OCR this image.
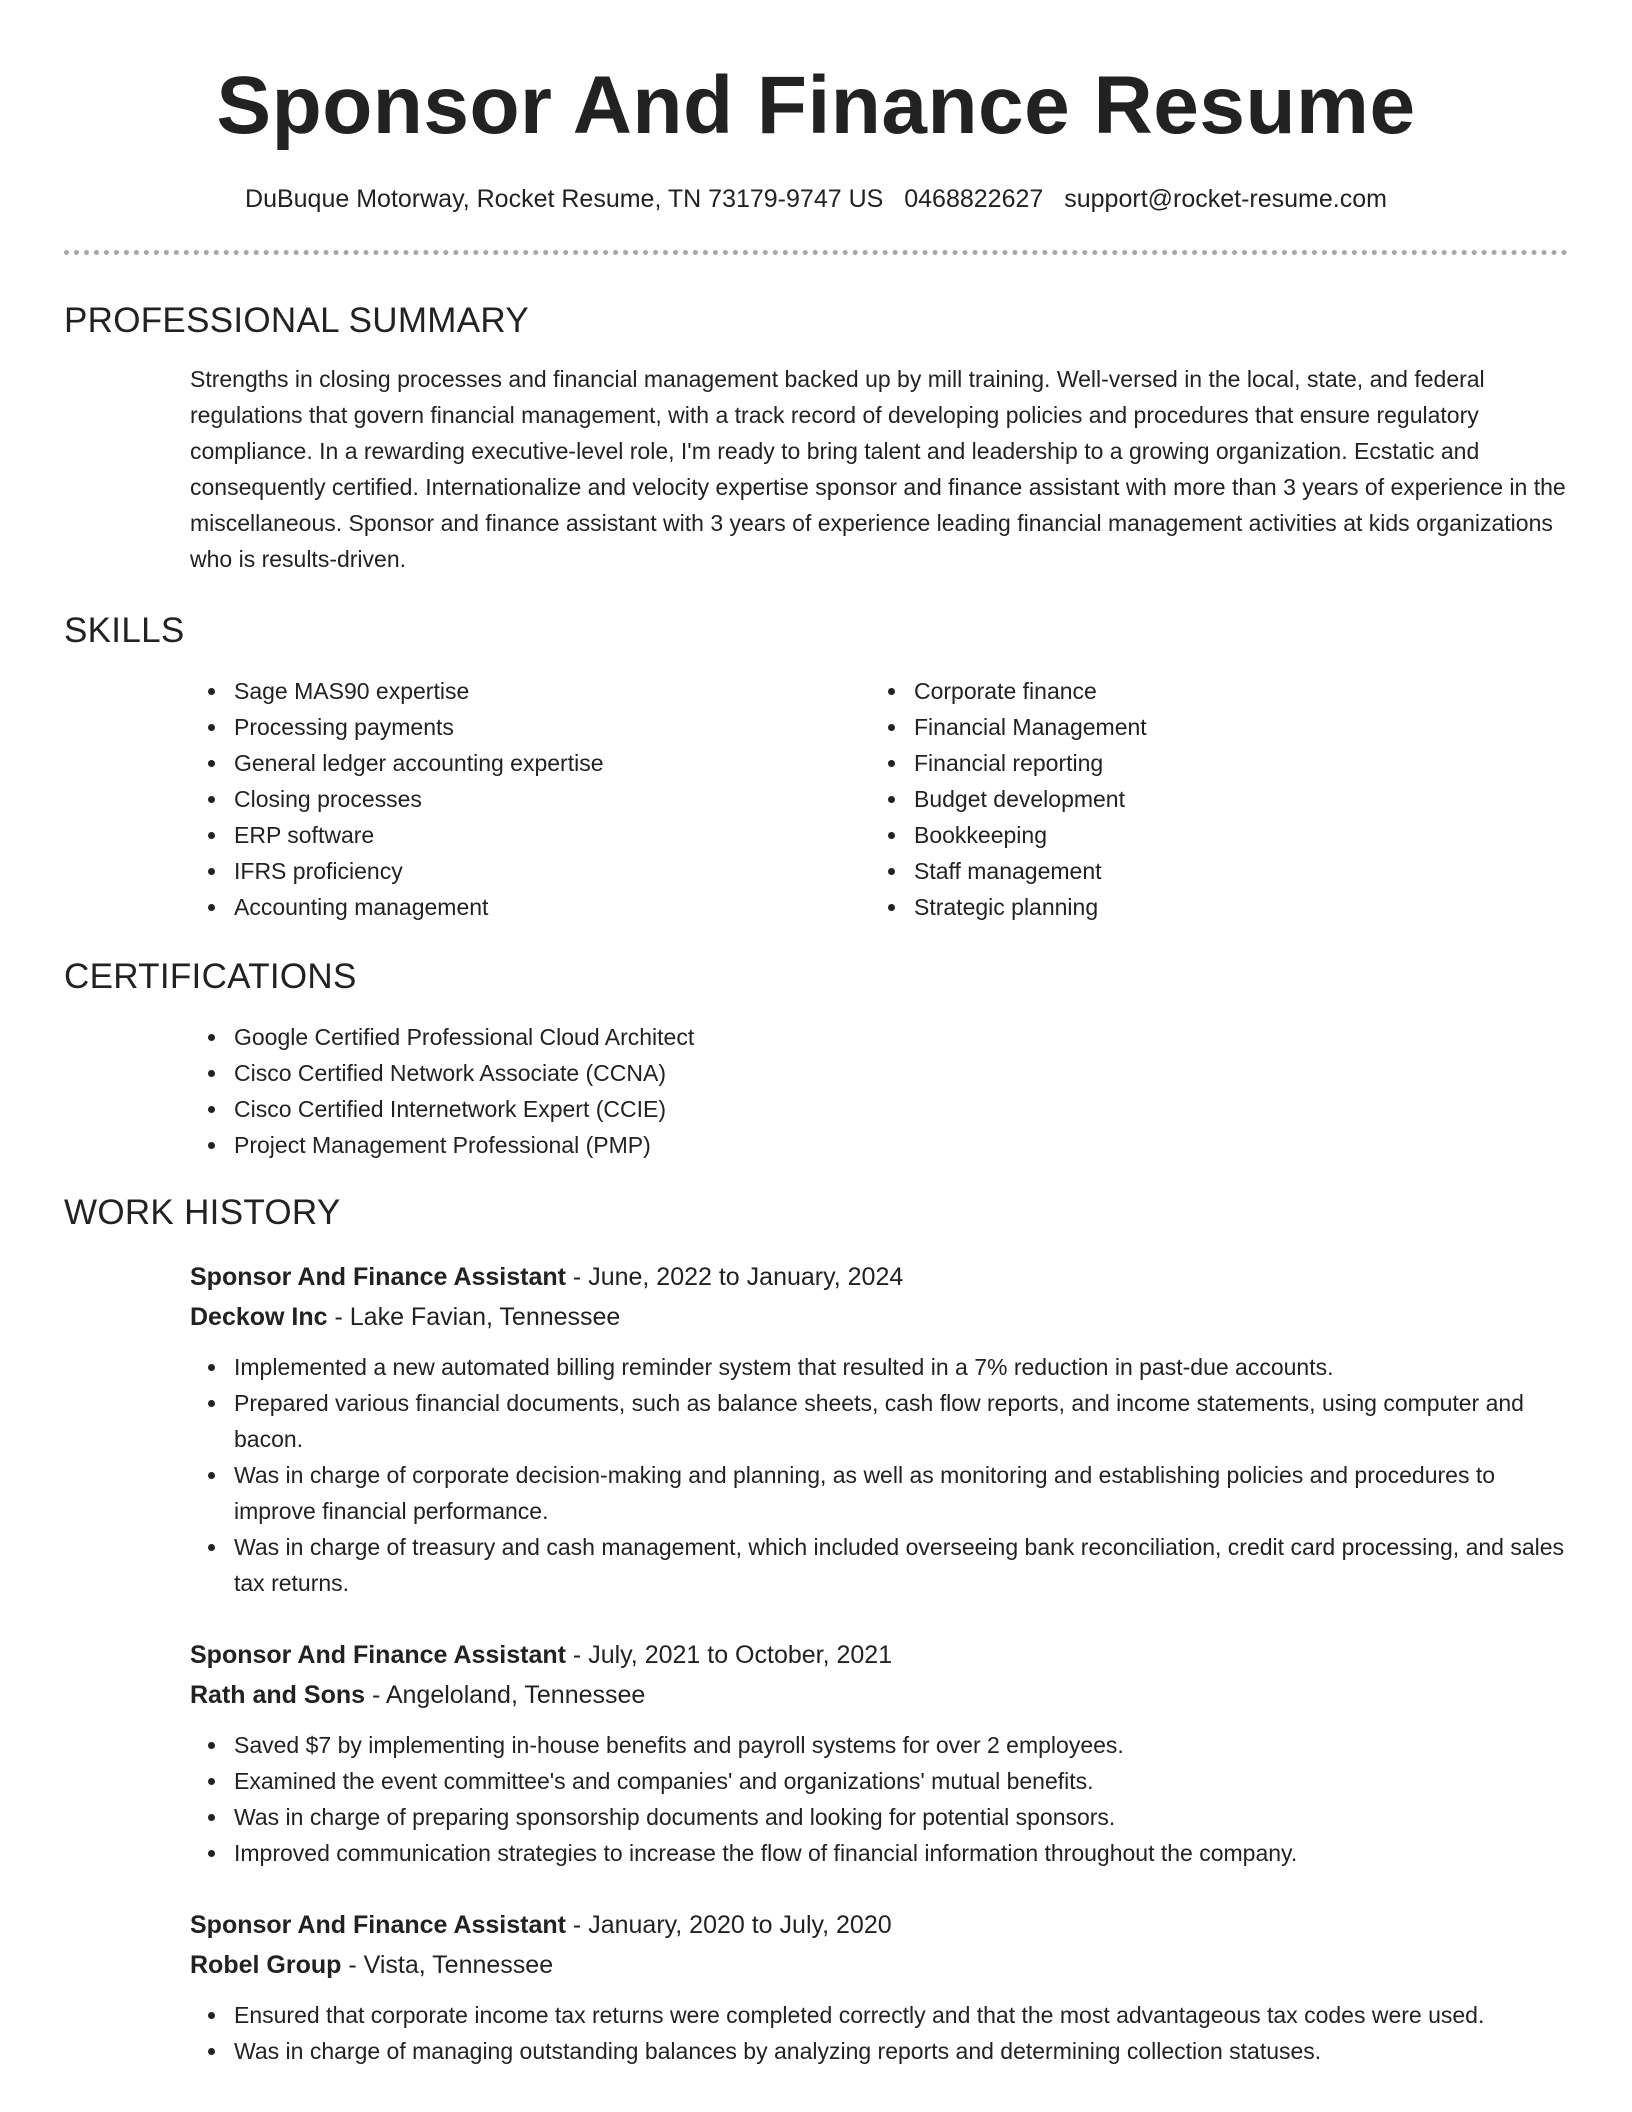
Sponsor And Finance Resume
DuBuque Motorway, Rocket Resume, TN 73179-9747 US 0468822627 support@rocket-resume.com
PROFESSIONAL SUMMARY
Strengths in closing processes and financial management backed up by mill training. Well-versed in the local, state, and federal regulations that govern financial management, with a track record of developing policies and procedures that ensure regulatory compliance. In a rewarding executive-level role, I'm ready to bring talent and leadership to a growing organization. Ecstatic and consequently certified. Internationalize and velocity expertise sponsor and finance assistant with more than 3 years of experience in the miscellaneous. Sponsor and finance assistant with 3 years of experience leading financial management activities at kids organizations who is results-driven.
SKILLS
Sage MAS90 expertise
Processing payments
General ledger accounting expertise
Closing processes
ERP software
IFRS proficiency
Accounting management
Corporate finance
Financial Management
Financial reporting
Budget development
Bookkeeping
Staff management
Strategic planning
CERTIFICATIONS
Google Certified Professional Cloud Architect
Cisco Certified Network Associate (CCNA)
Cisco Certified Internetwork Expert (CCIE)
Project Management Professional (PMP)
WORK HISTORY
Sponsor And Finance Assistant - June, 2022 to January, 2024
Deckow Inc - Lake Favian, Tennessee
Implemented a new automated billing reminder system that resulted in a 7% reduction in past-due accounts.
Prepared various financial documents, such as balance sheets, cash flow reports, and income statements, using computer and bacon.
Was in charge of corporate decision-making and planning, as well as monitoring and establishing policies and procedures to improve financial performance.
Was in charge of treasury and cash management, which included overseeing bank reconciliation, credit card processing, and sales tax returns.
Sponsor And Finance Assistant - July, 2021 to October, 2021
Rath and Sons - Angeloland, Tennessee
Saved $7 by implementing in-house benefits and payroll systems for over 2 employees.
Examined the event committee's and companies' and organizations' mutual benefits.
Was in charge of preparing sponsorship documents and looking for potential sponsors.
Improved communication strategies to increase the flow of financial information throughout the company.
Sponsor And Finance Assistant - January, 2020 to July, 2020
Robel Group - Vista, Tennessee
Ensured that corporate income tax returns were completed correctly and that the most advantageous tax codes were used.
Was in charge of managing outstanding balances by analyzing reports and determining collection statuses.
